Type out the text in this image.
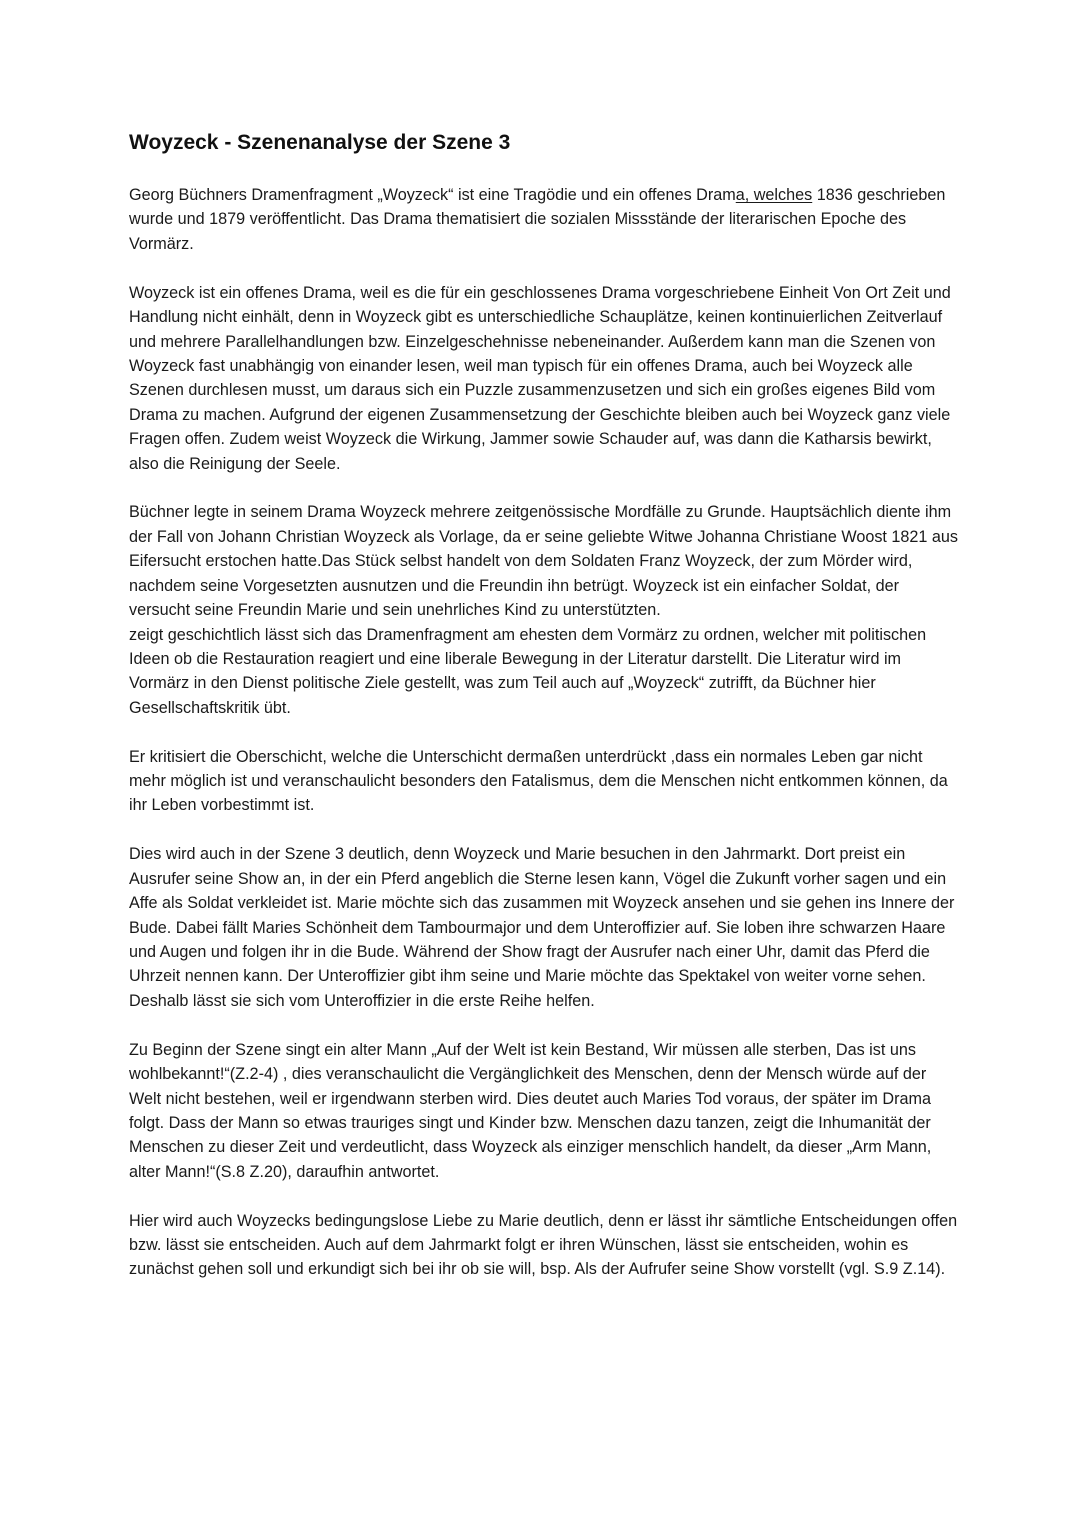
Woyzeck - Szenenanalyse der Szene 3

Georg Büchners Dramenfragment „Woyzeck“ ist eine Tragödie und ein offenes Drama, welches 1836 geschrieben wurde und 1879 veröffentlicht. Das Drama thematisiert die sozialen Missstände der literarischen Epoche des Vormärz.

Woyzeck ist ein offenes Drama, weil es die für ein geschlossenes Drama vorgeschriebene Einheit Von Ort Zeit und Handlung nicht einhält, denn in Woyzeck gibt es unterschiedliche Schauplätze, keinen kontinuierlichen Zeitverlauf und mehrere Parallelhandlungen bzw. Einzelgeschehnisse nebeneinander. Außerdem kann man die Szenen von Woyzeck fast unabhängig von einander lesen, weil man typisch für ein offenes Drama, auch bei Woyzeck alle Szenen durchlesen musst, um daraus sich ein Puzzle zusammenzusetzen und sich ein großes eigenes Bild vom Drama zu machen. Aufgrund der eigenen Zusammensetzung der Geschichte bleiben auch bei Woyzeck ganz viele Fragen offen. Zudem weist Woyzeck die Wirkung, Jammer sowie Schauder auf, was dann die Katharsis bewirkt, also die Reinigung der Seele.

Büchner legte in seinem Drama Woyzeck mehrere zeitgenössische Mordfälle zu Grunde. Hauptsächlich diente ihm der Fall von Johann Christian Woyzeck als Vorlage, da er seine geliebte Witwe Johanna Christiane Woost 1821 aus Eifersucht erstochen hatte.Das Stück selbst handelt von dem Soldaten Franz Woyzeck, der zum Mörder wird, nachdem seine Vorgesetzten ausnutzen und die Freundin ihn betrügt. Woyzeck ist ein einfacher Soldat, der versucht seine Freundin Marie und sein unehrliches Kind zu unterstützten.

zeigt geschichtlich lässt sich das Dramenfragment am ehesten dem Vormärz zu ordnen, welcher mit politischen Ideen ob die Restauration reagiert und eine liberale Bewegung in der Literatur darstellt. Die Literatur wird im Vormärz in den Dienst politische Ziele gestellt, was zum Teil auch auf „Woyzeck“ zutrifft, da Büchner hier Gesellschaftskritik übt.

Er kritisiert die Oberschicht, welche die Unterschicht dermaßen unterdrückt ,dass ein normales Leben gar nicht mehr möglich ist und veranschaulicht besonders den Fatalismus, dem die Menschen nicht entkommen können, da ihr Leben vorbestimmt ist.

Dies wird auch in der Szene 3 deutlich, denn Woyzeck und Marie besuchen in den Jahrmarkt. Dort preist ein Ausrufer seine Show an, in der ein Pferd angeblich die Sterne lesen kann, Vögel die Zukunft vorher sagen und ein Affe als Soldat verkleidet ist. Marie möchte sich das zusammen mit Woyzeck ansehen und sie gehen ins Innere der Bude. Dabei fällt Maries Schönheit dem Tambourmajor und dem Unteroffizier auf. Sie loben ihre schwarzen Haare und Augen und folgen ihr in die Bude. Während der Show fragt der Ausrufer nach einer Uhr, damit das Pferd die Uhrzeit nennen kann. Der Unteroffizier gibt ihm seine und Marie möchte das Spektakel von weiter vorne sehen. Deshalb lässt sie sich vom Unteroffizier in die erste Reihe helfen.

Zu Beginn der Szene singt ein alter Mann „Auf der Welt ist kein Bestand, Wir müssen alle sterben, Das ist uns wohlbekannt!“(Z.2-4) , dies veranschaulicht die Vergänglichkeit des Menschen, denn der Mensch würde auf der Welt nicht bestehen, weil er irgendwann sterben wird. Dies deutet auch Maries Tod voraus, der später im Drama folgt. Dass der Mann so etwas trauriges singt und Kinder bzw. Menschen dazu tanzen, zeigt die Inhumanität der Menschen zu dieser Zeit und verdeutlicht, dass Woyzeck als einziger menschlich handelt, da dieser „Arm Mann, alter Mann!“(S.8 Z.20), daraufhin antwortet.

Hier wird auch Woyzecks bedingungslose Liebe zu Marie deutlich, denn er lässt ihr sämtliche Entscheidungen offen bzw. lässt sie entscheiden. Auch auf dem Jahrmarkt folgt er ihren Wünschen, lässt sie entscheiden, wohin es zunächst gehen soll und erkundigt sich bei ihr ob sie will, bsp. Als der Aufrufer seine Show vorstellt (vgl. S.9 Z.14).
